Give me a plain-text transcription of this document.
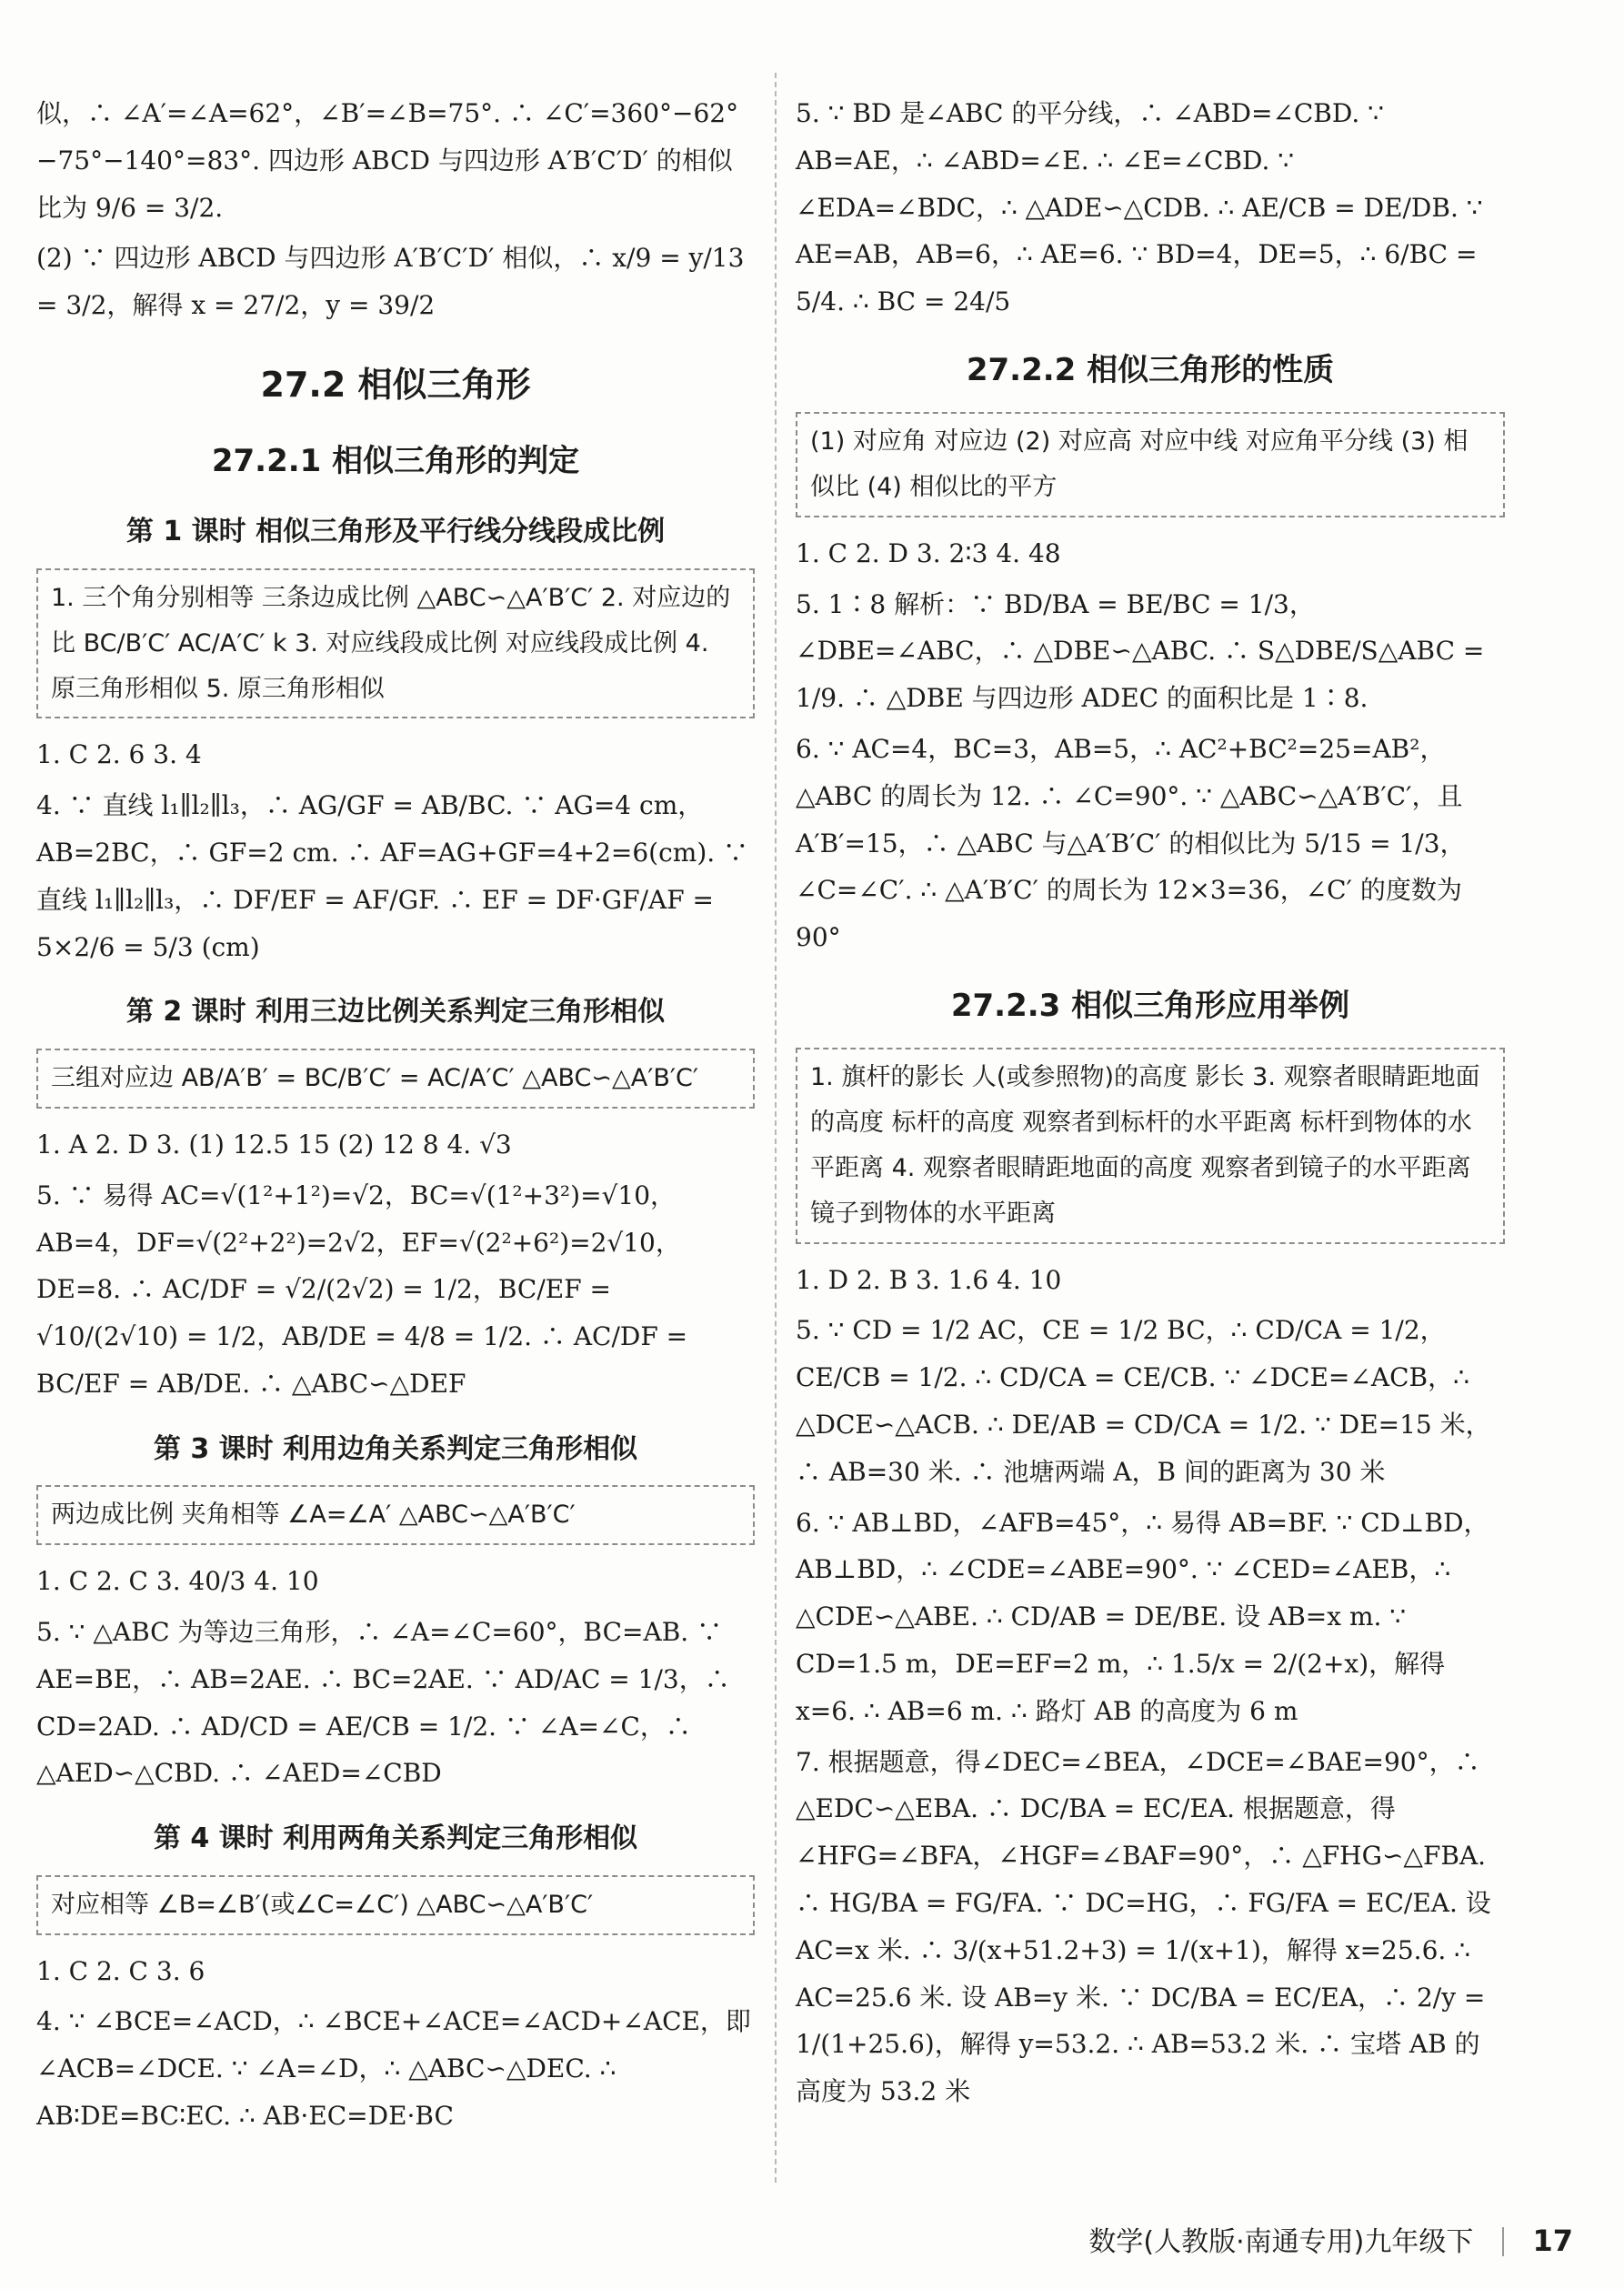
似，∴ ∠A′=∠A=62°，∠B′=∠B=75°. ∴ ∠C′=360°−62°−75°−140°=83°. 四边形 ABCD 与四边形 A′B′C′D′ 的相似比为 9/6 = 3/2.
(2) ∵ 四边形 ABCD 与四边形 A′B′C′D′ 相似，∴ x/9 = y/13 = 3/2，解得 x = 27/2，y = 39/2
27.2 相似三角形
27.2.1 相似三角形的判定
第 1 课时 相似三角形及平行线分线段成比例
1. 三个角分别相等 三条边成比例 △ABC∽△A′B′C′ 2. 对应边的比 BC/B′C′ AC/A′C′ k 3. 对应线段成比例 对应线段成比例 4. 原三角形相似 5. 原三角形相似
1. C 2. 6 3. 4
4. ∵ 直线 l₁∥l₂∥l₃，∴ AG/GF = AB/BC. ∵ AG=4 cm，AB=2BC，∴ GF=2 cm. ∴ AF=AG+GF=4+2=6(cm). ∵ 直线 l₁∥l₂∥l₃，∴ DF/EF = AF/GF. ∴ EF = DF·GF/AF = 5×2/6 = 5/3 (cm)
第 2 课时 利用三边比例关系判定三角形相似
三组对应边 AB/A′B′ = BC/B′C′ = AC/A′C′ △ABC∽△A′B′C′
1. A 2. D 3. (1) 12.5 15 (2) 12 8 4. √3
5. ∵ 易得 AC=√(1²+1²)=√2，BC=√(1²+3²)=√10，AB=4，DF=√(2²+2²)=2√2，EF=√(2²+6²)=2√10，DE=8. ∴ AC/DF = √2/(2√2) = 1/2，BC/EF = √10/(2√10) = 1/2，AB/DE = 4/8 = 1/2. ∴ AC/DF = BC/EF = AB/DE. ∴ △ABC∽△DEF
第 3 课时 利用边角关系判定三角形相似
两边成比例 夹角相等 ∠A=∠A′ △ABC∽△A′B′C′
1. C 2. C 3. 40/3 4. 10
5. ∵ △ABC 为等边三角形，∴ ∠A=∠C=60°，BC=AB. ∵ AE=BE，∴ AB=2AE. ∴ BC=2AE. ∵ AD/AC = 1/3，∴ CD=2AD. ∴ AD/CD = AE/CB = 1/2. ∵ ∠A=∠C，∴ △AED∽△CBD. ∴ ∠AED=∠CBD
第 4 课时 利用两角关系判定三角形相似
对应相等 ∠B=∠B′(或∠C=∠C′) △ABC∽△A′B′C′
1. C 2. C 3. 6
4. ∵ ∠BCE=∠ACD，∴ ∠BCE+∠ACE=∠ACD+∠ACE，即 ∠ACB=∠DCE. ∵ ∠A=∠D，∴ △ABC∽△DEC. ∴ AB∶DE=BC∶EC. ∴ AB·EC=DE·BC
5. ∵ BD 是∠ABC 的平分线，∴ ∠ABD=∠CBD. ∵ AB=AE，∴ ∠ABD=∠E. ∴ ∠E=∠CBD. ∵ ∠EDA=∠BDC，∴ △ADE∽△CDB. ∴ AE/CB = DE/DB. ∵ AE=AB，AB=6，∴ AE=6. ∵ BD=4，DE=5，∴ 6/BC = 5/4. ∴ BC = 24/5
27.2.2 相似三角形的性质
(1) 对应角 对应边 (2) 对应高 对应中线 对应角平分线 (3) 相似比 (4) 相似比的平方
1. C 2. D 3. 2∶3 4. 48
5. 1∶8 解析：∵ BD/BA = BE/BC = 1/3，∠DBE=∠ABC，∴ △DBE∽△ABC. ∴ S△DBE/S△ABC = 1/9. ∴ △DBE 与四边形 ADEC 的面积比是 1∶8.
6. ∵ AC=4，BC=3，AB=5，∴ AC²+BC²=25=AB²，△ABC 的周长为 12. ∴ ∠C=90°. ∵ △ABC∽△A′B′C′，且 A′B′=15，∴ △ABC 与△A′B′C′ 的相似比为 5/15 = 1/3，∠C=∠C′. ∴ △A′B′C′ 的周长为 12×3=36，∠C′ 的度数为 90°
27.2.3 相似三角形应用举例
1. 旗杆的影长 人(或参照物)的高度 影长 3. 观察者眼睛距地面的高度 标杆的高度 观察者到标杆的水平距离 标杆到物体的水平距离 4. 观察者眼睛距地面的高度 观察者到镜子的水平距离 镜子到物体的水平距离
1. D 2. B 3. 1.6 4. 10
5. ∵ CD = 1/2 AC，CE = 1/2 BC，∴ CD/CA = 1/2，CE/CB = 1/2. ∴ CD/CA = CE/CB. ∵ ∠DCE=∠ACB，∴ △DCE∽△ACB. ∴ DE/AB = CD/CA = 1/2. ∵ DE=15 米，∴ AB=30 米. ∴ 池塘两端 A，B 间的距离为 30 米
6. ∵ AB⊥BD，∠AFB=45°，∴ 易得 AB=BF. ∵ CD⊥BD，AB⊥BD，∴ ∠CDE=∠ABE=90°. ∵ ∠CED=∠AEB，∴ △CDE∽△ABE. ∴ CD/AB = DE/BE. 设 AB=x m. ∵ CD=1.5 m，DE=EF=2 m，∴ 1.5/x = 2/(2+x)，解得 x=6. ∴ AB=6 m. ∴ 路灯 AB 的高度为 6 m
7. 根据题意，得∠DEC=∠BEA，∠DCE=∠BAE=90°，∴ △EDC∽△EBA. ∴ DC/BA = EC/EA. 根据题意，得∠HFG=∠BFA，∠HGF=∠BAF=90°，∴ △FHG∽△FBA. ∴ HG/BA = FG/FA. ∵ DC=HG，∴ FG/FA = EC/EA. 设 AC=x 米. ∴ 3/(x+51.2+3) = 1/(x+1)，解得 x=25.6. ∴ AC=25.6 米. 设 AB=y 米. ∵ DC/BA = EC/EA，∴ 2/y = 1/(1+25.6)，解得 y=53.2. ∴ AB=53.2 米. ∴ 宝塔 AB 的高度为 53.2 米
数学(人教版·南通专用)九年级下 17
